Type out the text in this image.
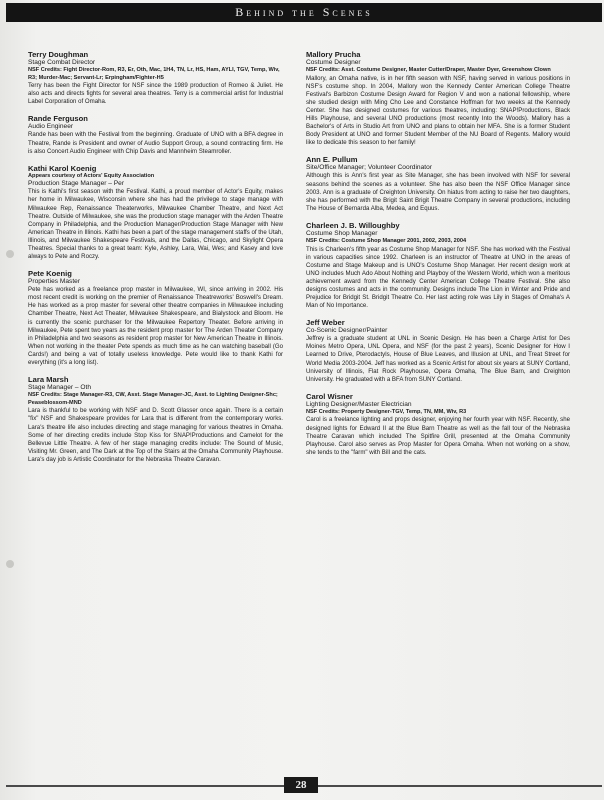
Behind the Scenes
Terry Doughman
Stage Combat Director
NSF Credits: Fight Director-Rom, R3, Er, Oth, Mac, 1H4, TN, Lr, HS, Ham, AYLI, TGV, Temp, Wiv, R3; Murder-Mac; Servant-Lr; Erpingham/Fighter-H5
Terry has been the Fight Director for NSF since the 1989 production of Romeo & Juliet. He also acts and directs fights for several area theatres. Terry is a commercial artist for Industrial Label Corporation of Omaha.
Rande Ferguson
Audio Engineer
Rande has been with the Festival from the beginning. Graduate of UNO with a BFA degree in Theatre, Rande is President and owner of Audio Support Group, a sound contracting firm. He is also Concert Audio Engineer with Chip Davis and Mannheim Steamroller.
Kathi Karol Koenig
Appears courtesy of Actors' Equity Association
Production Stage Manager – Per
This is Kathi's first season with the Festival. Kathi, a proud member of Actor's Equity, makes her home in Milwaukee, Wisconsin where she has had the privilege to stage manage with Milwaukee Rep, Renaissance Theaterworks, Milwaukee Chamber Theatre, and Next Act Theatre. Outside of Milwaukee, she was the production stage manager with the Arden Theatre Company in Philadelphia, and the Production Manager/Production Stage Manager with New American Theatre in Illinois. Kathi has been a part of the stage management staffs of the Utah, Illinois, and Milwaukee Shakespeare Festivals, and the Dallas, Chicago, and Skylight Opera Theatres. Special thanks to a great team: Kyle, Ashley, Lara, Wai, Wes; and Kasey and love always to Pete and Roczy.
Pete Koenig
Properties Master
Pete has worked as a freelance prop master in Milwaukee, WI, since arriving in 2002. His most recent credit is working on the premier of Renaissance Theatreworks' Boswell's Dream. He has worked as a prop master for several other theatre companies in Milwaukee including Chamber Theatre, Next Act Theater, Milwaukee Shakespeare, and Bialystock and Bloom. He is currently the scenic purchaser for the Milwaukee Repertory Theater. Before arriving in Milwaukee, Pete spent two years as the resident prop master for The Arden Theater Company in Philadelphia and two seasons as resident prop master for New American Theatre in Illinois. When not working in the theater Pete spends as much time as he can watching baseball (Go Cards!) and being a vat of totally useless knowledge. Pete would like to thank Kathi for everything (it's a long list).
Lara Marsh
Stage Manager – Oth
NSF Credits: Stage Manager-R3, CW, Asst. Stage Manager-JC, Asst. to Lighting Designer-Shc; Peaseblossom-MND
Lara is thankful to be working with NSF and D. Scott Glasser once again. There is a certain "fix" NSF and Shakespeare provides for Lara that is different from the contemporary works. Lara's theatre life also includes directing and stage managing for various theatres in Omaha. Some of her directing credits include Stop Kiss for SNAP!Productions and Camelot for the Bellevue Little Theatre. A few of her stage managing credits include: The Sound of Music, Visiting Mr. Green, and The Dark at the Top of the Stairs at the Omaha Community Playhouse. Lara's day job is Artistic Coordinator for the Nebraska Theatre Caravan.
Mallory Prucha
Costume Designer
NSF Credits: Asst. Costume Designer, Master Cutter/Draper, Master Dyer, Greenshow Clown
Mallory, an Omaha native, is in her fifth season with NSF, having served in various positions in NSF's costume shop. In 2004, Mallory won the Kennedy Center American College Theatre Festival's Barbizon Costume Design Award for Region V and won a national fellowship, where she studied design with Ming Cho Lee and Constance Hoffman for two weeks at the Kennedy Center. She has designed costumes for various theatres, including: SNAP!Productions, Black Hills Playhouse, and several UNO productions (most recently Into the Woods). Mallory has a Bachelor's of Arts in Studio Art from UNO and plans to obtain her MFA. She is a former Student Body President at UNO and former Student Member of the NU Board of Regents. Mallory would like to dedicate this season to her family!
Ann E. Pullum
Site/Office Manager; Volunteer Coordinator
Although this is Ann's first year as Site Manager, she has been involved with NSF for several seasons behind the scenes as a volunteer. She has also been the NSF Office Manager since 2003. Ann is a graduate of Creighton University. On hiatus from acting to raise her two daughters, she has performed with the Brigit Saint Brigit Theatre Company in several productions, including The House of Bernarda Alba, Medea, and Equus.
Charleen J. B. Willoughby
Costume Shop Manager
NSF Credits: Costume Shop Manager 2001, 2002, 2003, 2004
This is Charleen's fifth year as Costume Shop Manager for NSF. She has worked with the Festival in various capacities since 1992. Charleen is an instructor of Theatre at UNO in the areas of Costume and Stage Makeup and is UNO's Costume Shop Manager. Her recent design work at UNO includes Much Ado About Nothing and Playboy of the Western World, which won a meritous achievement award from the Kennedy Center American College Theatre Festival. She also designs costumes and acts in the community. Designs include The Lion in Winter and Pride and Prejudice for Bridgit St. Bridgit Theatre Co. Her last acting role was Lily in Stages of Omaha's A Man of No Importance.
Jeff Weber
Co-Scenic Designer/Painter
Jeffrey is a graduate student at UNL in Scenic Design. He has been a Charge Artist for Des Moines Metro Opera, UNL Opera, and NSF (for the past 2 years), Scenic Designer for How I Learned to Drive, Pterodactyls, House of Blue Leaves, and Illusion at UNL, and Treat Street for World Media 2003-2004. Jeff has worked as a Scenic Artist for about six years at SUNY Cortland, University of Illinois, Flat Rock Playhouse, Opera Omaha, The Blue Barn, and Creighton University. He graduated with a BFA from SUNY Cortland.
Carol Wisner
Lighting Designer/Master Electrician
NSF Credits: Property Designer-TGV, Temp, TN, MM, Wiv, R3
Carol is a freelance lighting and props designer, enjoying her fourth year with NSF. Recently, she designed lights for Edward II at the Blue Barn Theatre as well as the fall tour of the Nebraska Theatre Caravan which included The Spitfire Grill, presented at the Omaha Community Playhouse. Carol also serves as Prop Master for Opera Omaha. When not working on a show, she tends to the "farm" with Bill and the cats.
28
